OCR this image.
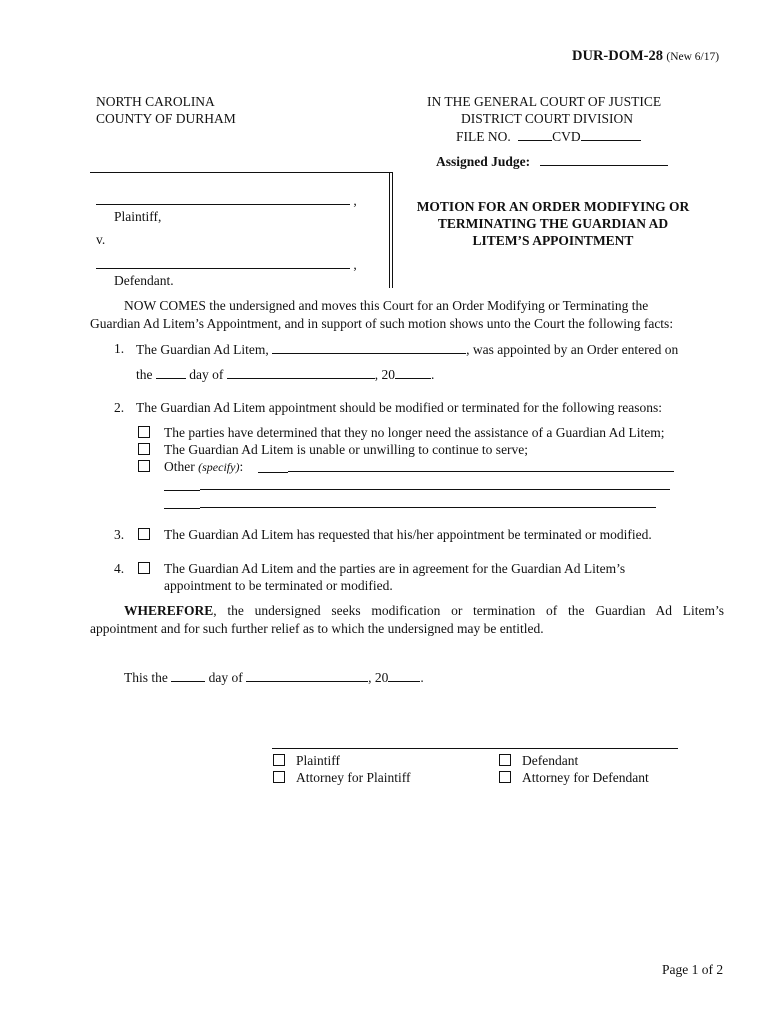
DUR-DOM-28 (New 6/17)
NORTH CAROLINA
COUNTY OF DURHAM
IN THE GENERAL COURT OF JUSTICE
DISTRICT COURT DIVISION
FILE NO.	CVD
Assigned Judge:
,
Plaintiff,
v.
,
Defendant.
MOTION FOR AN ORDER MODIFYING OR
TERMINATING THE GUARDIAN AD
LITEM’S APPOINTMENT
NOW COMES the undersigned and moves this Court for an Order Modifying or Terminating the
Guardian Ad Litem’s Appointment, and in support of such motion shows unto the Court the following facts:
1. The Guardian Ad Litem,	, was appointed by an Order entered on
the	day of	, 20	.
2. The Guardian Ad Litem appointment should be modified or terminated for the following reasons:
The parties have determined that they no longer need the assistance of a Guardian Ad Litem;
The Guardian Ad Litem is unable or unwilling to continue to serve;
Other (specify):
3.	The Guardian Ad Litem has requested that his/her appointment be terminated or modified.
4.	The Guardian Ad Litem and the parties are in agreement for the Guardian Ad Litem’s
appointment to be terminated or modified.
WHEREFORE, the undersigned seeks modification or termination of the Guardian Ad Litem’s
appointment and for such further relief as to which the undersigned may be entitled.
This the	day of	, 20 .
Plaintiff
Attorney for Plaintiff
Defendant
Attorney for Defendant
Page 1 of 2
